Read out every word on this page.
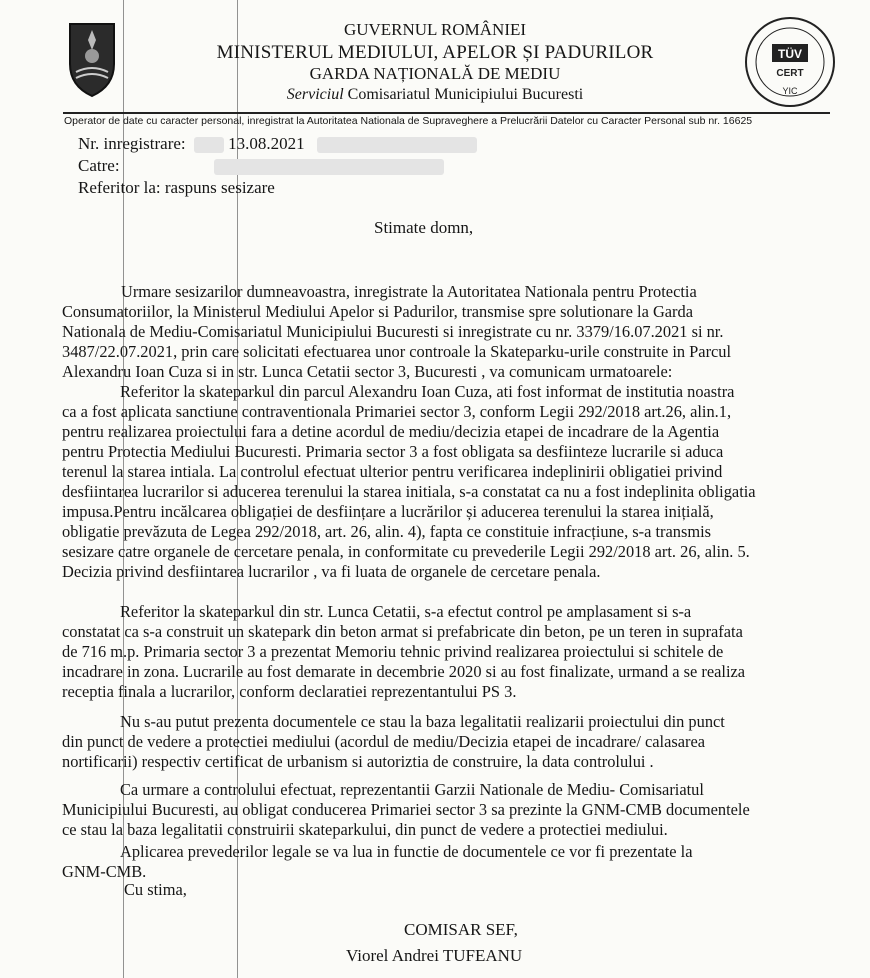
TÜV
CERT
YIC
GUVERNUL ROMÂNIEI
MINISTERUL MEDIULUI, APELOR ȘI PADURILOR
GARDA NAȚIONALĂ DE MEDIU
Serviciul Comisariatul Municipiului Bucuresti
Operator de date cu caracter personal, inregistrat la Autoritatea Nationala de Supraveghere a Prelucrării Datelor cu Caracter Personal sub nr. 16625
Nr. inregistrare:	13.08.2021
Catre:
Referitor la: raspuns sesizare
Stimate domn,
Urmare sesizarilor dumneavoastra, inregistrate la Autoritatea Nationala pentru Protectia
Consumatoriilor, la Ministerul Mediului Apelor si Padurilor, transmise spre solutionare la Garda
Nationala de Mediu-Comisariatul Municipiului Bucuresti si inregistrate cu nr. 3379/16.07.2021 si nr.
3487/22.07.2021, prin care solicitati efectuarea unor controale la Skateparku-urile construite in Parcul
Alexandru Ioan Cuza si in str. Lunca Cetatii sector 3, Bucuresti , va comunicam urmatoarele:
Referitor la skateparkul din parcul Alexandru Ioan Cuza, ati fost informat de institutia noastra
ca a fost aplicata sanctiune contraventionala Primariei sector 3, conform Legii 292/2018 art.26, alin.1,
pentru realizarea proiectului fara a detine acordul de mediu/decizia etapei de incadrare de la Agentia
pentru Protectia Mediului Bucuresti. Primaria sector 3 a fost obligata sa desfiinteze lucrarile si aduca
terenul la starea intiala. La controlul efectuat ulterior pentru verificarea indeplinirii obligatiei privind
desfiintarea lucrarilor si aducerea terenului la starea initiala, s-a constatat ca nu a fost indeplinita obligatia
impusa.Pentru incălcarea obligației de desființare a lucrărilor și aducerea terenului la starea inițială,
obligatie prevăzuta de Legea 292/2018, art. 26, alin. 4), fapta ce constituie infracțiune, s-a transmis
sesizare catre organele de cercetare penala, in conformitate cu prevederile Legii 292/2018 art. 26, alin. 5.
Decizia privind desfiintarea lucrarilor , va fi luata de organele de cercetare penala.
Referitor la skateparkul din str. Lunca Cetatii, s-a efectut control pe amplasament si s-a
constatat ca s-a construit un skatepark din beton armat si prefabricate din beton, pe un teren in suprafata
de 716 m.p. Primaria sector 3 a prezentat Memoriu tehnic privind realizarea proiectului si schitele de
incadrare in zona. Lucrarile au fost demarate in decembrie 2020 si au fost finalizate, urmand a se realiza
receptia finala a lucrarilor, conform declaratiei reprezentantului PS 3.
Nu s-au putut prezenta documentele ce stau la baza legalitatii realizarii proiectului din punct
din punct de vedere a protectiei mediului (acordul de mediu/Decizia etapei de incadrare/ calasarea
nortificarii) respectiv certificat de urbanism si autoriztia de construire, la data controlului .
Ca urmare a controlului efectuat, reprezentantii Garzii Nationale de Mediu- Comisariatul
Municipiului Bucuresti, au obligat conducerea Primariei sector 3 sa prezinte la GNM-CMB documentele
ce stau la baza legalitatii construirii skateparkului, din punct de vedere a protectiei mediului.
Aplicarea prevederilor legale se va lua in functie de documentele ce vor fi prezentate la
GNM-CMB.
Cu stima,
COMISAR SEF,
Viorel Andrei TUFEANU
